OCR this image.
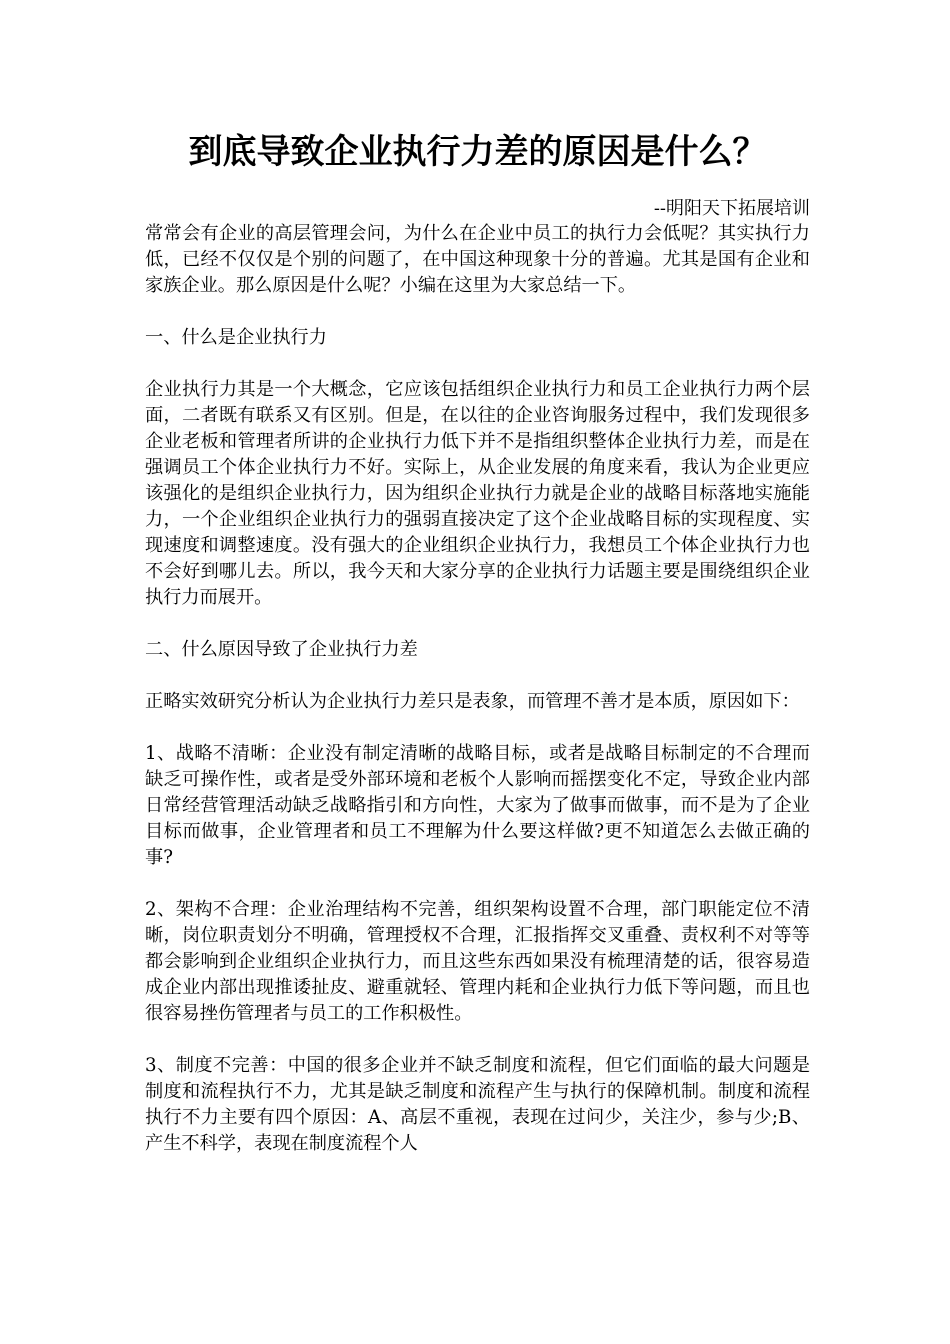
到底导致企业执行力差的原因是什么？
--明阳天下拓展培训

常常会有企业的高层管理会问，为什么在企业中员工的执行力会低呢？其实执行力低，已经不仅仅是个别的问题了，在中国这种现象十分的普遍。尤其是国有企业和家族企业。那么原因是什么呢？小编在这里为大家总结一下。

一、什么是企业执行力

企业执行力其是一个大概念，它应该包括组织企业执行力和员工企业执行力两个层面，二者既有联系又有区别。但是，在以往的企业咨询服务过程中，我们发现很多企业老板和管理者所讲的企业执行力低下并不是指组织整体企业执行力差，而是在强调员工个体企业执行力不好。实际上，从企业发展的角度来看，我认为企业更应该强化的是组织企业执行力，因为组织企业执行力就是企业的战略目标落地实施能力，一个企业组织企业执行力的强弱直接决定了这个企业战略目标的实现程度、实现速度和调整速度。没有强大的企业组织企业执行力，我想员工个体企业执行力也不会好到哪儿去。所以，我今天和大家分享的企业执行力话题主要是围绕组织企业执行力而展开。

二、什么原因导致了企业执行力差

正略实效研究分析认为企业执行力差只是表象，而管理不善才是本质，原因如下：

1、战略不清晰：企业没有制定清晰的战略目标，或者是战略目标制定的不合理而缺乏可操作性，或者是受外部环境和老板个人影响而摇摆变化不定，导致企业内部日常经营管理活动缺乏战略指引和方向性，大家为了做事而做事，而不是为了企业目标而做事，企业管理者和员工不理解为什么要这样做?更不知道怎么去做正确的事?

2、架构不合理：企业治理结构不完善，组织架构设置不合理，部门职能定位不清晰，岗位职责划分不明确，管理授权不合理，汇报指挥交叉重叠、责权利不对等等都会影响到企业组织企业执行力，而且这些东西如果没有梳理清楚的话，很容易造成企业内部出现推诿扯皮、避重就轻、管理内耗和企业执行力低下等问题，而且也很容易挫伤管理者与员工的工作积极性。

3、制度不完善：中国的很多企业并不缺乏制度和流程，但它们面临的最大问题是制度和流程执行不力，尤其是缺乏制度和流程产生与执行的保障机制。制度和流程执行不力主要有四个原因：A、高层不重视，表现在过问少，关注少，参与少;B、产生不科学，表现在制度流程个人
